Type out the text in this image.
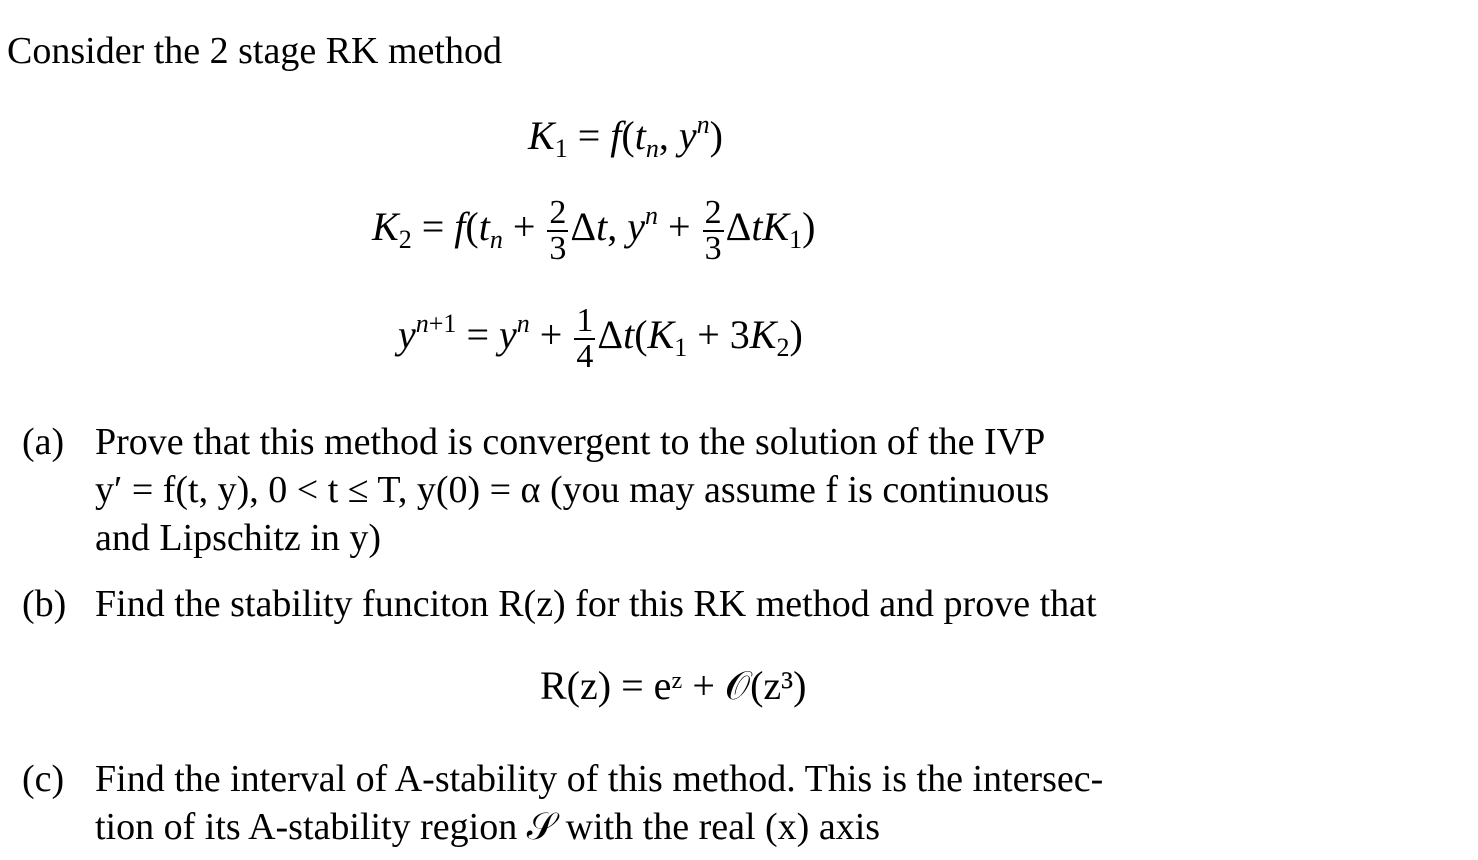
Consider the 2 stage RK method
$K_1 = f(t_n$, $y^n$)
$K_2 = f(t_n + \frac{2}{3} \Delta t$, $y^n + \frac{2}{3} \Delta tK_1$)
$y^{n+1} = y^n + \frac{1}{4} \Delta t(K_1 + 3K_2)$
(a) Prove that this method is convergent to the solution of the IVP
y′ = f(t, y), 0 < t ≤ T, y(0) = α (you may assume f is continuous
and Lipschitz in y)
(b) Find the stability funciton R(z) for this RK method and prove that
R(z) = eᶻ + 𝒪(z³)
(c) Find the interval of A-stability of this method. This is the intersec-
tion of its A-stability region 𝒮 with the real (x) axis
